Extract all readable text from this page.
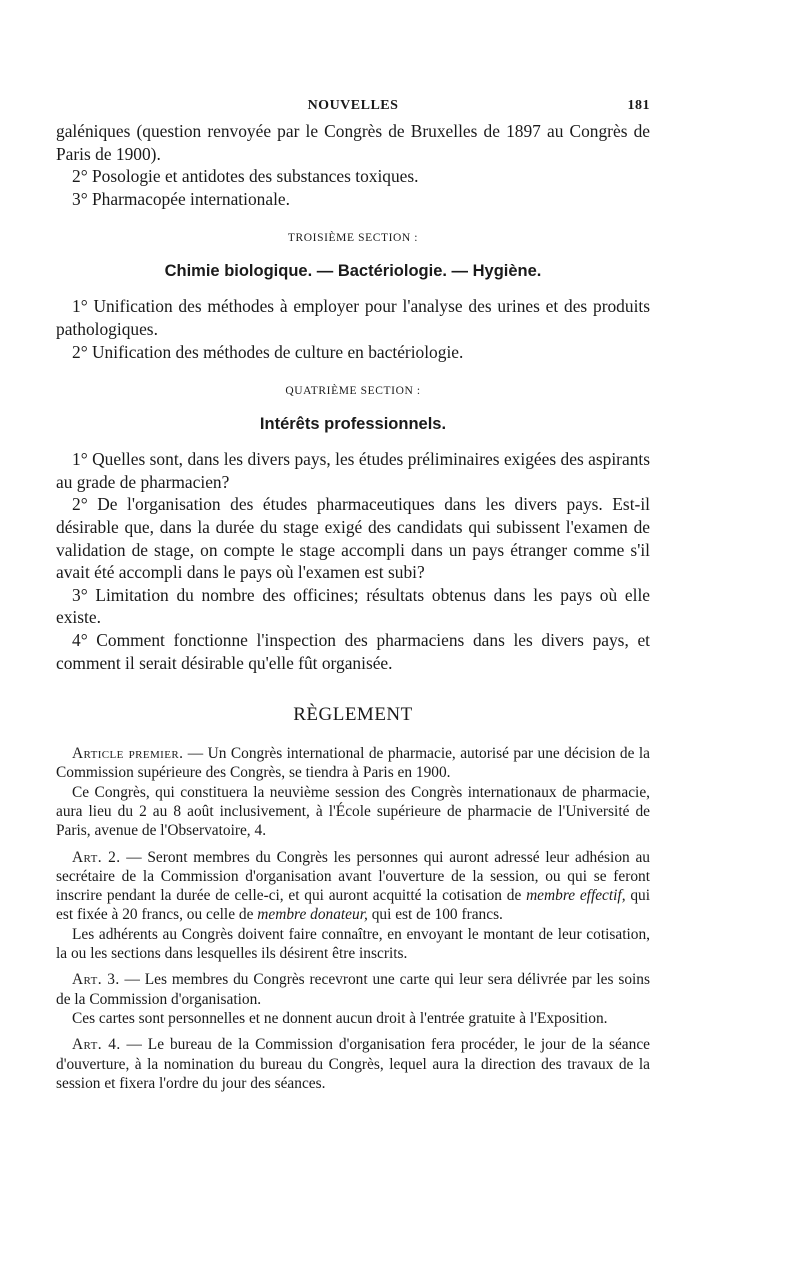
NOUVELLES	181

galéniques (question renvoyée par le Congrès de Bruxelles de 1897 au Congrès de Paris de 1900).

2° Posologie et antidotes des substances toxiques.

3° Pharmacopée internationale.

TROISIÈME SECTION :
Chimie biologique. — Bactériologie. — Hygiène.

1° Unification des méthodes à employer pour l'analyse des urines et des produits pathologiques.

2° Unification des méthodes de culture en bactériologie.

QUATRIÈME SECTION :
Intérêts professionnels.

1° Quelles sont, dans les divers pays, les études préliminaires exigées des aspirants au grade de pharmacien?

2° De l'organisation des études pharmaceutiques dans les divers pays. Est-il désirable que, dans la durée du stage exigé des candidats qui subissent l'examen de validation de stage, on compte le stage accompli dans un pays étranger comme s'il avait été accompli dans le pays où l'examen est subi?

3° Limitation du nombre des officines; résultats obtenus dans les pays où elle existe.

4° Comment fonctionne l'inspection des pharmaciens dans les divers pays, et comment il serait désirable qu'elle fût organisée.

RÈGLEMENT

Article premier. — Un Congrès international de pharmacie, autorisé par une décision de la Commission supérieure des Congrès, se tiendra à Paris en 1900.

Ce Congrès, qui constituera la neuvième session des Congrès internationaux de pharmacie, aura lieu du 2 au 8 août inclusivement, à l'École supérieure de pharmacie de l'Université de Paris, avenue de l'Observatoire, 4.

Art. 2. — Seront membres du Congrès les personnes qui auront adressé leur adhésion au secrétaire de la Commission d'organisation avant l'ouverture de la session, ou qui se feront inscrire pendant la durée de celle-ci, et qui auront acquitté la cotisation de membre effectif, qui est fixée à 20 francs, ou celle de membre donateur, qui est de 100 francs.

Les adhérents au Congrès doivent faire connaître, en envoyant le montant de leur cotisation, la ou les sections dans lesquelles ils désirent être inscrits.

Art. 3. — Les membres du Congrès recevront une carte qui leur sera délivrée par les soins de la Commission d'organisation.

Ces cartes sont personnelles et ne donnent aucun droit à l'entrée gratuite à l'Exposition.

Art. 4. — Le bureau de la Commission d'organisation fera procéder, le jour de la séance d'ouverture, à la nomination du bureau du Congrès, lequel aura la direction des travaux de la session et fixera l'ordre du jour des séances.
